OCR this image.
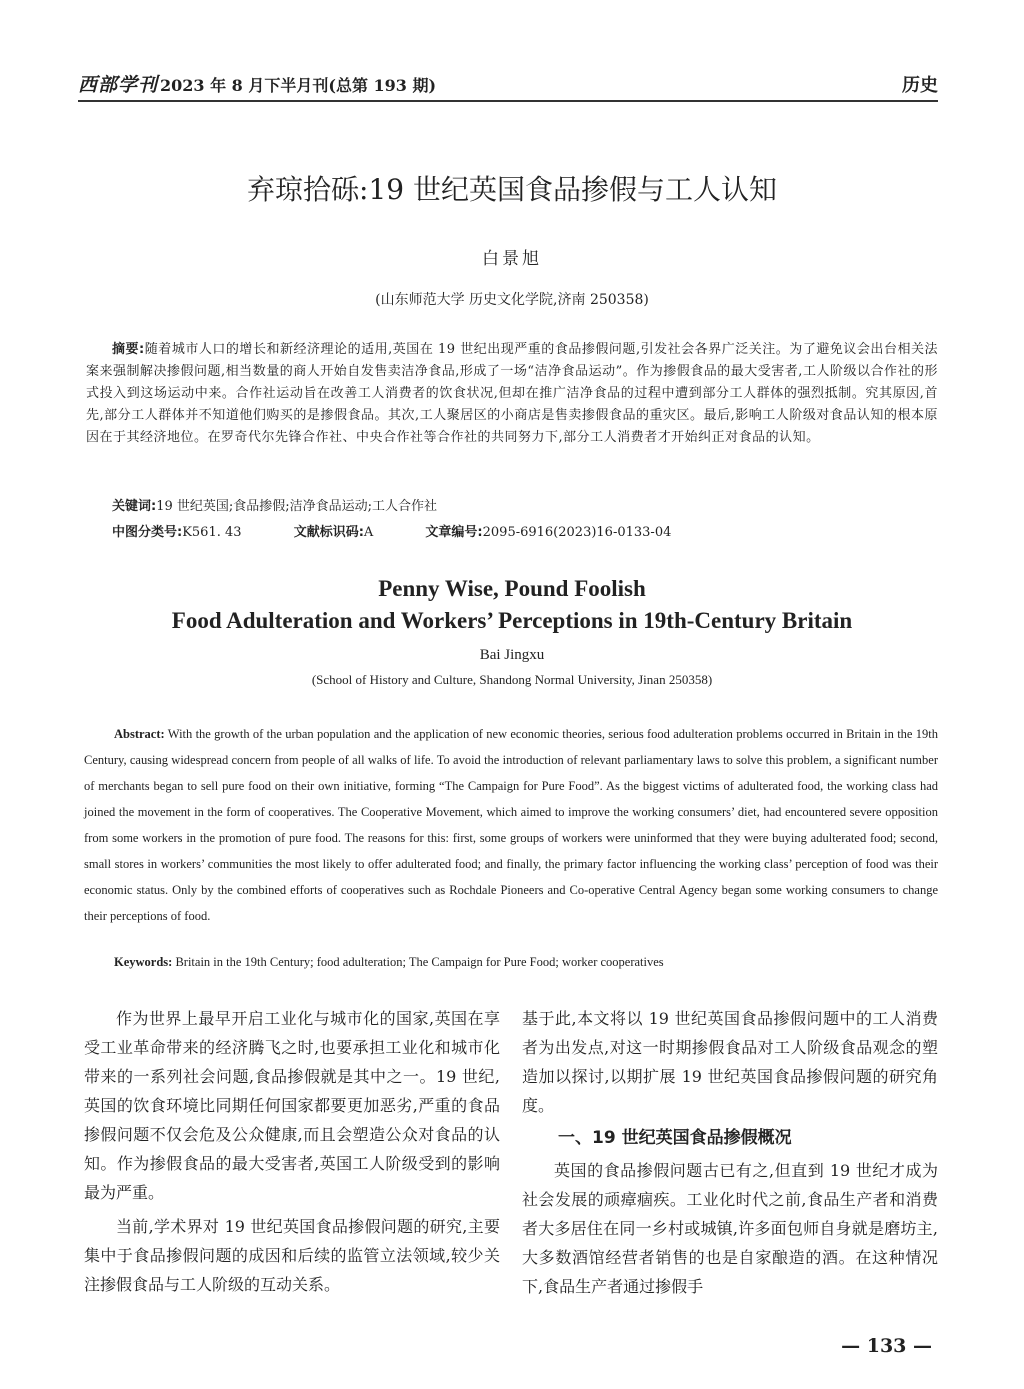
西部学刊 2023 年 8 月下半月刊(总第 193 期)	历史
弃琼拾砾:19 世纪英国食品掺假与工人认知
白景旭
(山东师范大学 历史文化学院,济南 250358)
摘要:随着城市人口的增长和新经济理论的适用,英国在 19 世纪出现严重的食品掺假问题,引发社会各界广泛关注。为了避免议会出台相关法案来强制解决掺假问题,相当数量的商人开始自发售卖洁净食品,形成了一场“洁净食品运动”。作为掺假食品的最大受害者,工人阶级以合作社的形式投入到这场运动中来。合作社运动旨在改善工人消费者的饮食状况,但却在推广洁净食品的过程中遭到部分工人群体的强烈抵制。究其原因,首先,部分工人群体并不知道他们购买的是掺假食品。其次,工人聚居区的小商店是售卖掺假食品的重灾区。最后,影响工人阶级对食品认知的根本原因在于其经济地位。在罗奇代尔先锋合作社、中央合作社等合作社的共同努力下,部分工人消费者才开始纠正对食品的认知。
关键词:19 世纪英国;食品掺假;洁净食品运动;工人合作社
中图分类号:K561. 43	文献标识码:A	文章编号:2095-6916(2023)16-0133-04
Penny Wise, Pound Foolish
Food Adulteration and Workers’ Perceptions in 19th-Century Britain
Bai Jingxu
(School of History and Culture, Shandong Normal University, Jinan 250358)
Abstract: With the growth of the urban population and the application of new economic theories, serious food adulteration problems occurred in Britain in the 19th Century, causing widespread concern from people of all walks of life. To avoid the introduction of relevant parliamentary laws to solve this problem, a significant number of merchants began to sell pure food on their own initiative, forming “The Campaign for Pure Food”. As the biggest victims of adulterated food, the working class had joined the movement in the form of cooperatives. The Cooperative Movement, which aimed to improve the working consumers’ diet, had encountered severe opposition from some workers in the promotion of pure food. The reasons for this: first, some groups of workers were uninformed that they were buying adulterated food; second, small stores in workers’ communities the most likely to offer adulterated food; and finally, the primary factor influencing the working class’ perception of food was their economic status. Only by the combined efforts of cooperatives such as Rochdale Pioneers and Co-operative Central Agency began some working consumers to change their perceptions of food.
Keywords: Britain in the 19th Century; food adulteration; The Campaign for Pure Food; worker cooperatives

作为世界上最早开启工业化与城市化的国家,英国在享受工业革命带来的经济腾飞之时,也要承担工业化和城市化带来的一系列社会问题,食品掺假就是其中之一。19 世纪,英国的饮食环境比同期任何国家都要更加恶劣,严重的食品掺假问题不仅会危及公众健康,而且会塑造公众对食品的认知。作为掺假食品的最大受害者,英国工人阶级受到的影响最为严重。

当前,学术界对 19 世纪英国食品掺假问题的研究,主要集中于食品掺假问题的成因和后续的监管立法领域,较少关注掺假食品与工人阶级的互动关系。

基于此,本文将以 19 世纪英国食品掺假问题中的工人消费者为出发点,对这一时期掺假食品对工人阶级食品观念的塑造加以探讨,以期扩展 19 世纪英国食品掺假问题的研究角度。

一、19 世纪英国食品掺假概况

英国的食品掺假问题古已有之,但直到 19 世纪才成为社会发展的顽瘴痼疾。工业化时代之前,食品生产者和消费者大多居住在同一乡村或城镇,许多面包师自身就是磨坊主,大多数酒馆经营者销售的也是自家酿造的酒。在这种情况下,食品生产者通过掺假手

— 133 —
